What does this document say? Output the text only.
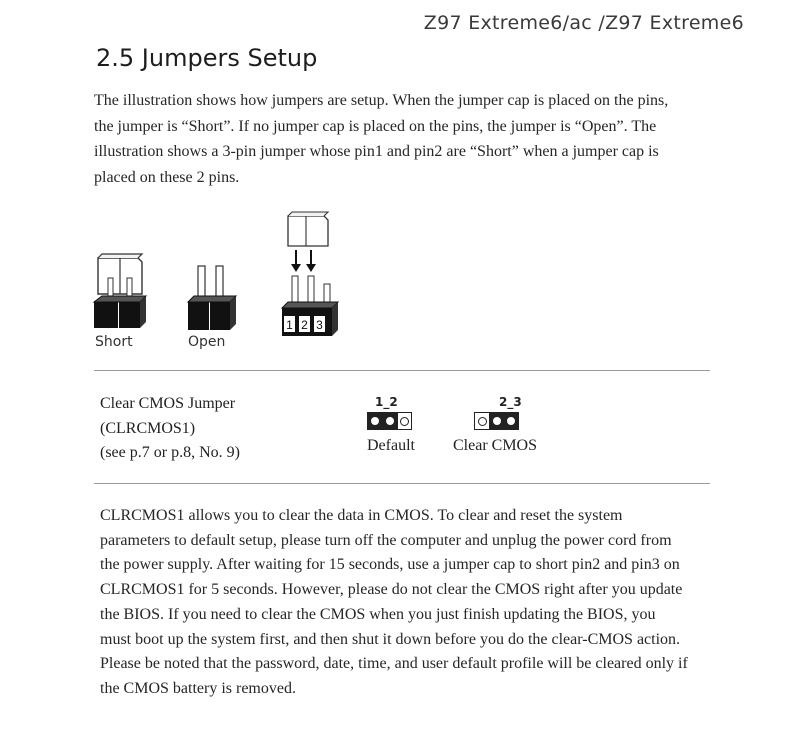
Z97 Extreme6/ac /Z97 Extreme6
2.5 Jumpers Setup

The illustration shows how jumpers are setup. When the jumper cap is placed on the pins, the jumper is “Short”. If no jumper cap is placed on the pins, the jumper is “Open”. The illustration shows a 3-pin jumper whose pin1 and pin2 are “Short” when a jumper cap is placed on these 2 pins.

Short	Open
1 2 3
Clear CMOS Jumper
(CLRCMOS1)
(see p.7 or p.8, No. 9)
1_2
Default
2_3
Clear CMOS

CLRCMOS1 allows you to clear the data in CMOS. To clear and reset the system parameters to default setup, please turn off the computer and unplug the power cord from the power supply. After waiting for 15 seconds, use a jumper cap to short pin2 and pin3 on CLRCMOS1 for 5 seconds. However, please do not clear the CMOS right after you update the BIOS. If you need to clear the CMOS when you just finish updating the BIOS, you must boot up the system first, and then shut it down before you do the clear-CMOS action. Please be noted that the password, date, time, and user default profile will be cleared only if the CMOS battery is removed.
